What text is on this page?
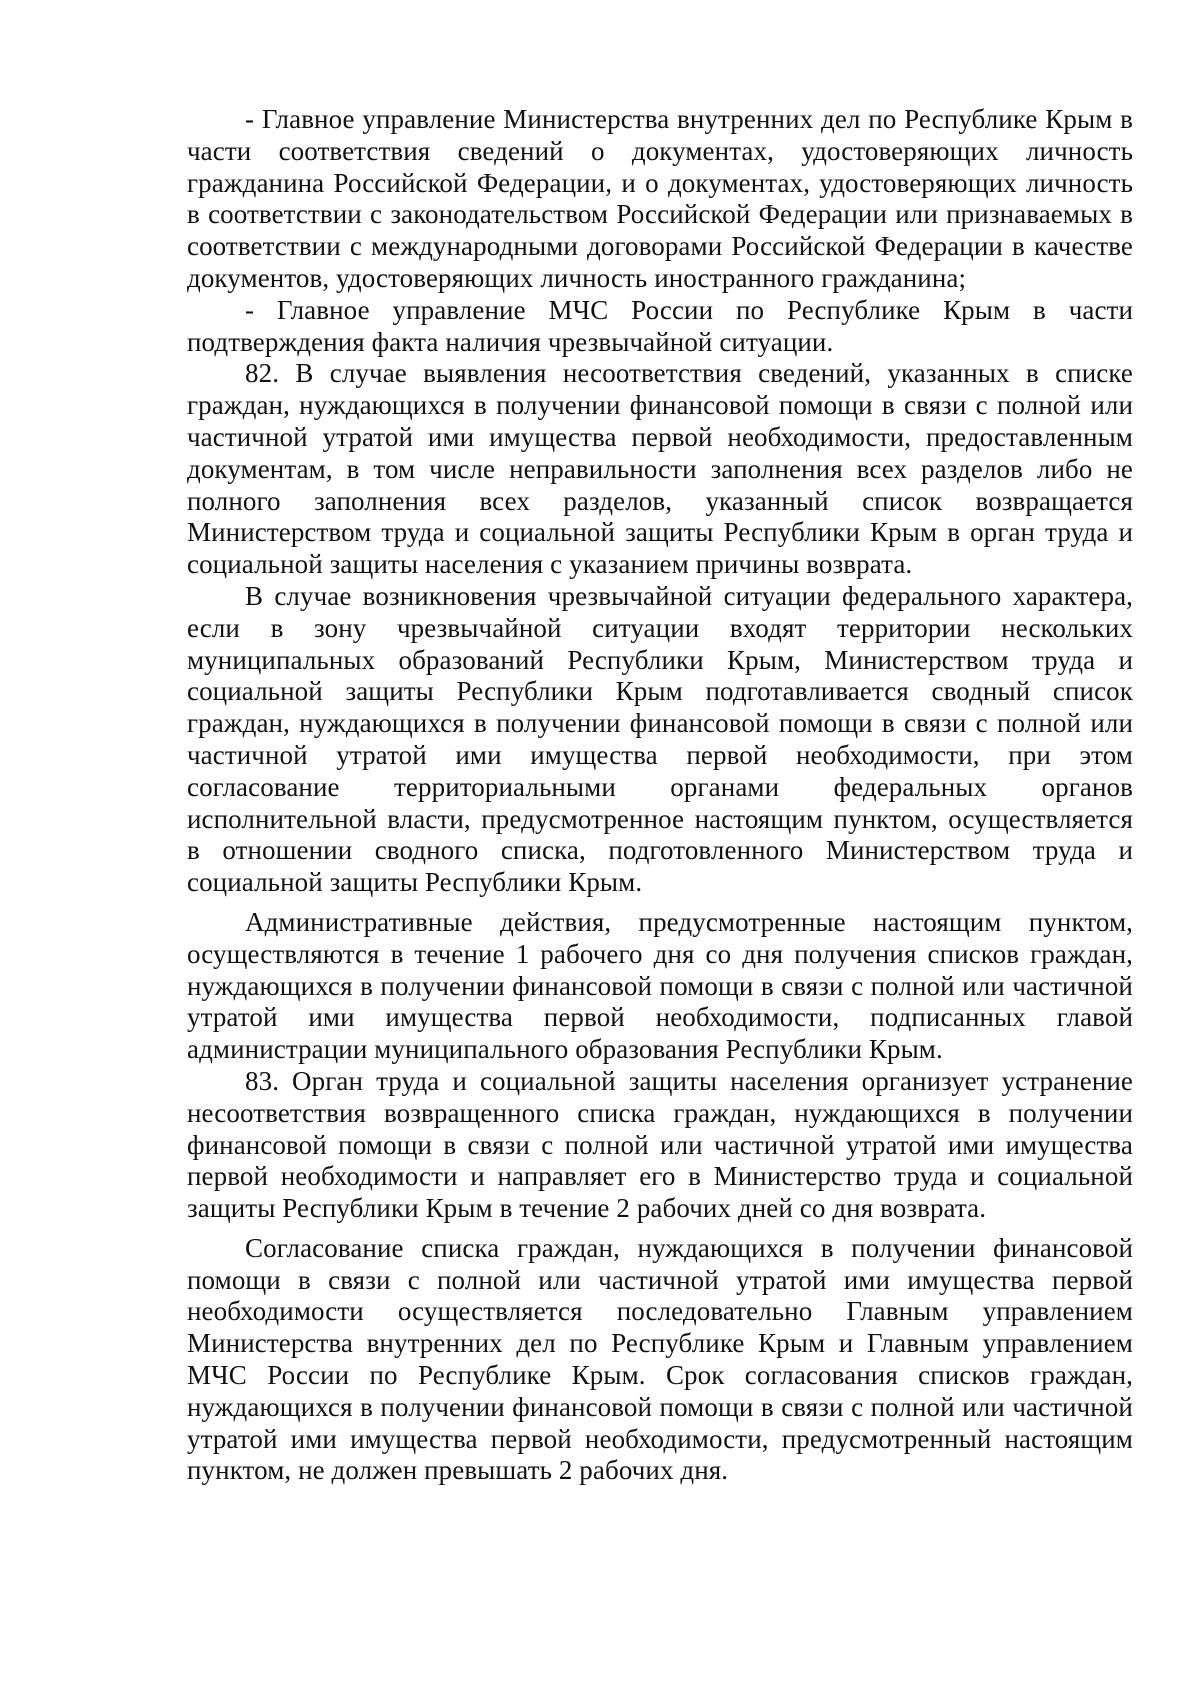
- Главное управление Министерства внутренних дел по Республике Крым в части соответствия сведений о документах, удостоверяющих личность гражданина Российской Федерации, и о документах, удостоверяющих личность в соответствии с законодательством Российской Федерации или признаваемых в соответствии с международными договорами Российской Федерации в качестве документов, удостоверяющих личность иностранного гражданина;

- Главное управление МЧС России по Республике Крым в части подтверждения факта наличия чрезвычайной ситуации.

82. В случае выявления несоответствия сведений, указанных в списке граждан, нуждающихся в получении финансовой помощи в связи с полной или частичной утратой ими имущества первой необходимости, предоставленным документам, в том числе неправильности заполнения всех разделов либо не полного заполнения всех разделов, указанный список возвращается Министерством труда и социальной защиты Республики Крым в орган труда и социальной защиты населения с указанием причины возврата.

В случае возникновения чрезвычайной ситуации федерального характера, если в зону чрезвычайной ситуации входят территории нескольких муниципальных образований Республики Крым, Министерством труда и социальной защиты Республики Крым подготавливается сводный список граждан, нуждающихся в получении финансовой помощи в связи с полной или частичной утратой ими имущества первой необходимости, при этом согласование территориальными органами федеральных органов исполнительной власти, предусмотренное настоящим пунктом, осуществляется в отношении сводного списка, подготовленного Министерством труда и социальной защиты Республики Крым.

Административные действия, предусмотренные настоящим пунктом, осуществляются в течение 1 рабочего дня со дня получения списков граждан, нуждающихся в получении финансовой помощи в связи с полной или частичной утратой ими имущества первой необходимости, подписанных главой администрации муниципального образования Республики Крым.

83. Орган труда и социальной защиты населения организует устранение несоответствия возвращенного списка граждан, нуждающихся в получении финансовой помощи в связи с полной или частичной утратой ими имущества первой необходимости и направляет его в Министерство труда и социальной защиты Республики Крым в течение 2 рабочих дней со дня возврата.

Согласование списка граждан, нуждающихся в получении финансовой помощи в связи с полной или частичной утратой ими имущества первой необходимости осуществляется последовательно Главным управлением Министерства внутренних дел по Республике Крым и Главным управлением МЧС России по Республике Крым. Срок согласования списков граждан, нуждающихся в получении финансовой помощи в связи с полной или частичной утратой ими имущества первой необходимости, предусмотренный настоящим пунктом, не должен превышать 2 рабочих дня.
